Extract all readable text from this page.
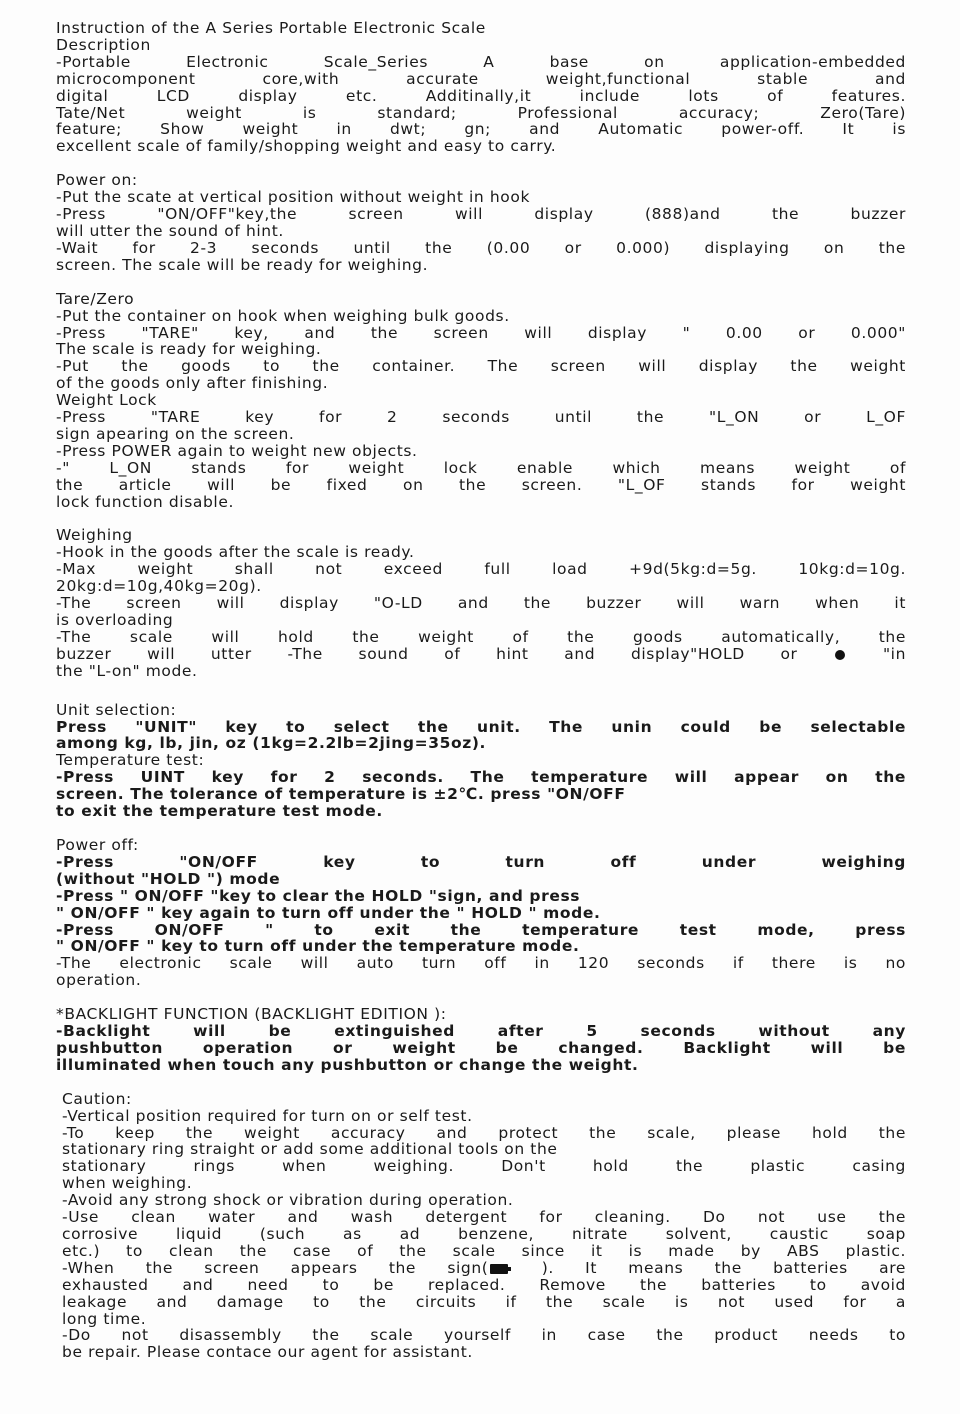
Instruction of the A Series Portable Electronic Scale
Description
-Portable Electronic Scale_Series A base on application-embedded
microcomponent core,with accurate weight,functional stable and
digital LCD display etc. Additinally,it include lots of features.
Tate/Net weight is standard; Professional accuracy; Zero(Tare)
feature; Show weight in dwt; gn; and Automatic power-off. It is
excellent scale of family/shopping weight and easy to carry.
Power on:
-Put the scate at vertical position without weight in hook
-Press "ON/OFF"key,the screen will display (888)and the buzzer
will utter the sound of hint.
-Wait for 2-3 seconds until the (0.00 or 0.000) displaying on the
screen. The scale will be ready for weighing.
Tare/Zero
-Put the container on hook when weighing bulk goods.
-Press "TARE" key, and the screen will display " 0.00 or 0.000"
The scale is ready for weighing.
-Put the goods to the container. The screen will display the weight
of the goods only after finishing.
Weight Lock
-Press "TARE key for 2 seconds until the "L_ON or L_OF
sign apearing on the screen.
-Press POWER again to weight new objects.
-" L_ON stands for weight lock enable which means weight of
the article will be fixed on the screen. "L_OF stands for weight
lock function disable.
Weighing
-Hook in the goods after the scale is ready.
-Max weight shall not exceed full load +9d(5kg:d=5g. 10kg:d=10g.
20kg:d=10g,40kg=20g).
-The screen will display "O-LD and the buzzer will warn when it
is overloading
-The scale will hold the weight of the goods automatically, the
buzzer will utter -The sound of hint and display"HOLD or	"in
the "L-on" mode.
Unit selection:
Press "UNIT" key to select the unit. The unin could be selectable
among kg, lb, jin, oz (1kg=2.2lb=2jing=35oz).
Temperature test:
-Press UINT key for 2 seconds. The temperature will appear on the
screen. The tolerance of temperature is ±2℃. press "ON/OFF
to exit the temperature test mode.
Power off:
-Press "ON/OFF key to turn off under weighing
(without "HOLD ") mode
-Press " ON/OFF "key to clear the HOLD "sign, and press
" ON/OFF " key again to turn off under the " HOLD " mode.
-Press ON/OFF " to exit the temperature test mode, press
" ON/OFF " key to turn off under the temperature mode.
-The electronic scale will auto turn off in 120 seconds if there is no
operation.
*BACKLIGHT FUNCTION (BACKLIGHT EDITION ):
-Backlight will be extinguished after 5 seconds without any
pushbutton operation or weight be changed. Backlight will be
illuminated when touch any pushbutton or change the weight.
Caution:
-Vertical position required for turn on or self test.
-To keep the weight accuracy and protect the scale, please hold the
stationary ring straight or add some additional tools on the
stationary rings when weighing. Don't hold the plastic casing
when weighing.
-Avoid any strong shock or vibration during operation.
-Use clean water and wash detergent for cleaning. Do not use the
corrosive liquid (such as ad benzene, nitrate solvent, caustic soap
etc.) to clean the case of the scale since it is made by ABS plastic.
-When the screen appears the sign(	). It means the batteries are
exhausted and need to be replaced. Remove the batteries to avoid
leakage and damage to the circuits if the scale is not used for a
long time.
-Do not disassembly the scale yourself in case the product needs to
be repair. Please contace our agent for assistant.
